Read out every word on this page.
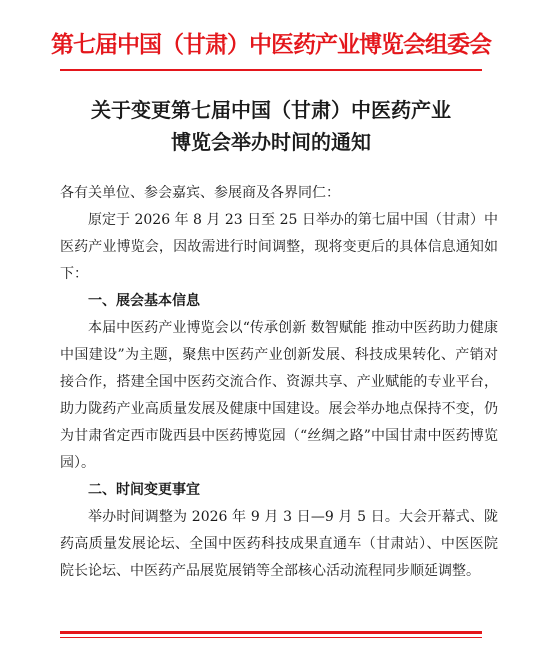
第七届中国（甘肃）中医药产业博览会组委会
关于变更第七届中国（甘肃）中医药产业
博览会举办时间的通知

各有关单位、参会嘉宾、参展商及各界同仁：

原定于 2026 年 8 月 23 日至 25 日举办的第七届中国（甘肃）中医药产业博览会，因故需进行时间调整，现将变更后的具体信息通知如下：

一、展会基本信息

本届中医药产业博览会以“传承创新 数智赋能 推动中医药助力健康中国建设”为主题，聚焦中医药产业创新发展、科技成果转化、产销对接合作，搭建全国中医药交流合作、资源共享、产业赋能的专业平台，助力陇药产业高质量发展及健康中国建设。展会举办地点保持不变，仍为甘肃省定西市陇西县中医药博览园（“丝绸之路”中国甘肃中医药博览园）。

二、时间变更事宜

举办时间调整为 2026 年 9 月 3 日—9 月 5 日。大会开幕式、陇药高质量发展论坛、全国中医药科技成果直通车（甘肃站）、中医医院院长论坛、中医药产品展览展销等全部核心活动流程同步顺延调整。
